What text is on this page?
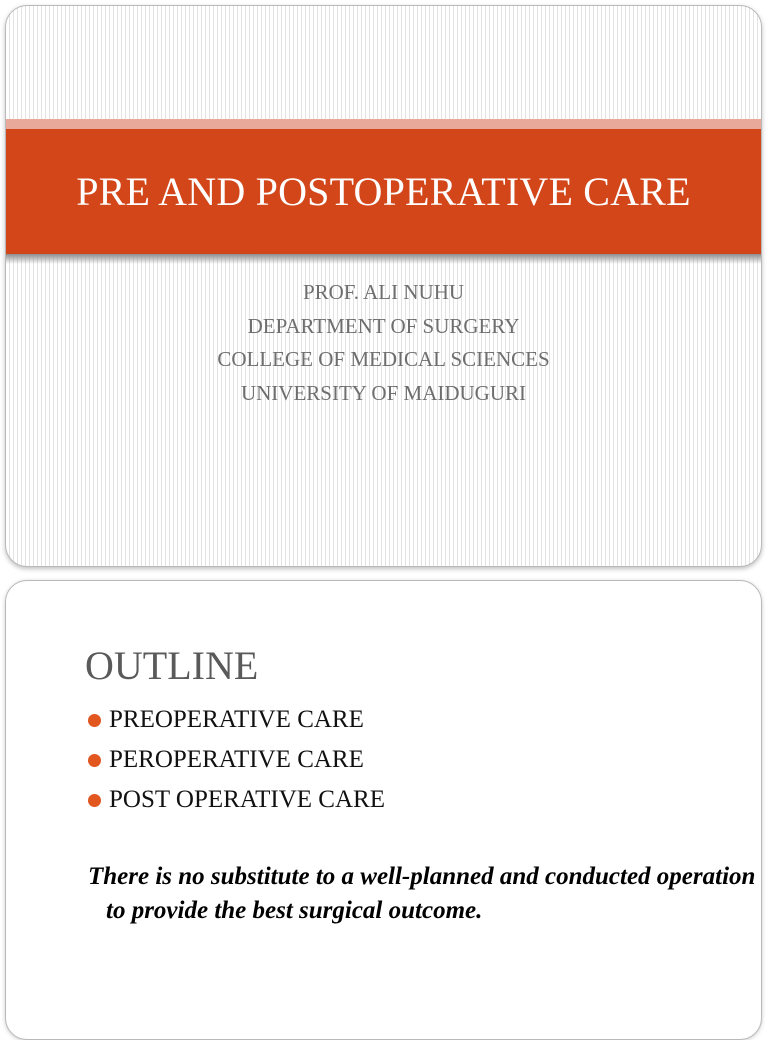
PRE AND POSTOPERATIVE CARE
PROF. ALI NUHU
DEPARTMENT OF SURGERY
COLLEGE OF MEDICAL SCIENCES
UNIVERSITY OF MAIDUGURI
OUTLINE
PREOPERATIVE CARE
PEROPERATIVE CARE
POST OPERATIVE CARE

There is no substitute to a well-planned and conducted operation to provide the best surgical outcome.
